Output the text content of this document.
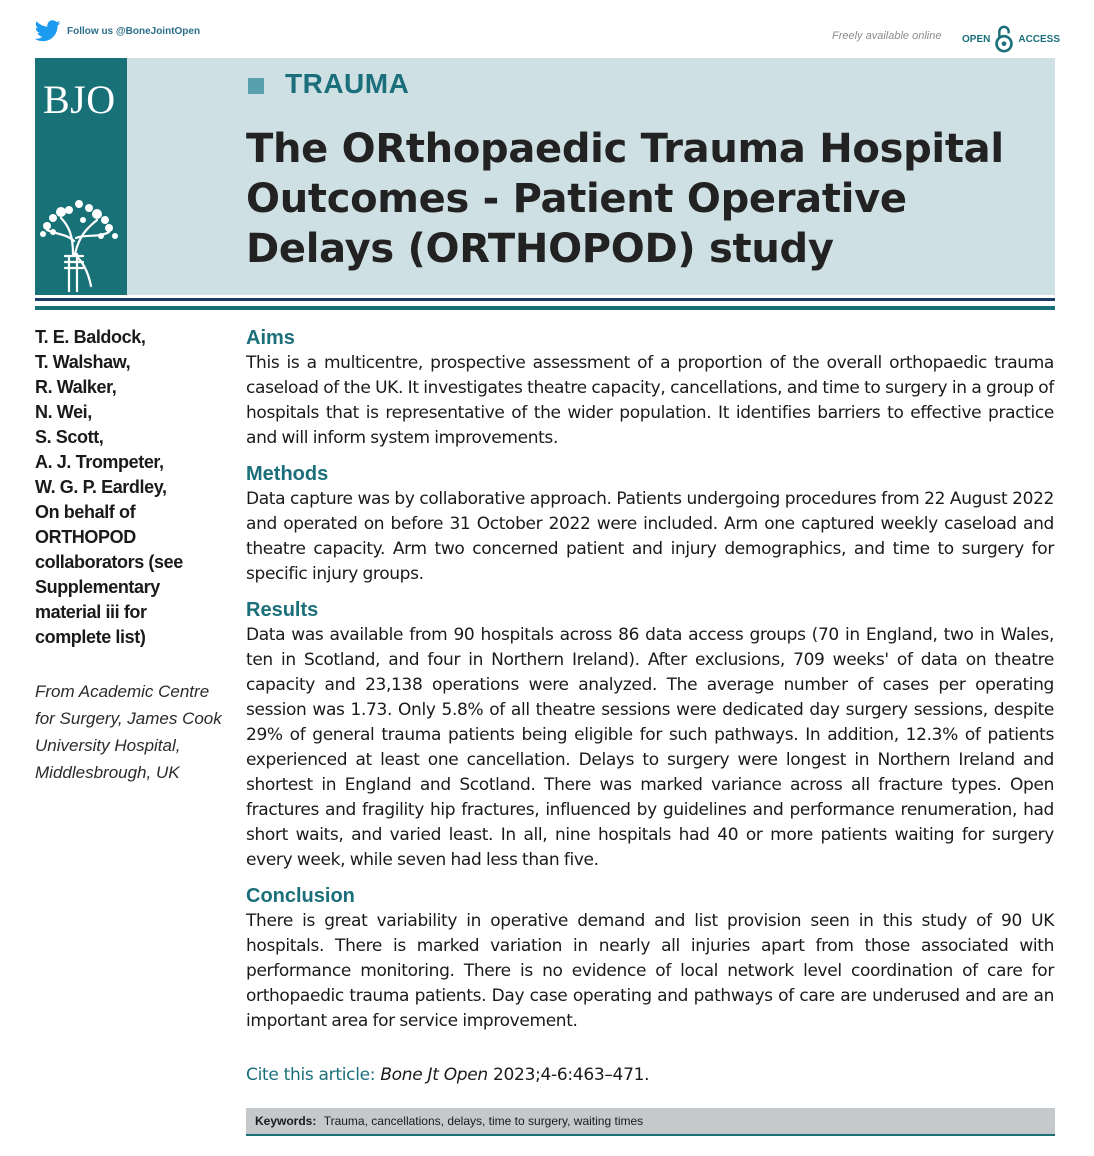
Follow us @BoneJointOpen	Freely available online OPEN	ACCESS
BJO	TRAUMA
The ORthopaedic Trauma Hospital Outcomes - Patient Operative Delays (ORTHOPOD) study
T. E. Baldock,
T. Walshaw,
R. Walker,
N. Wei,
S. Scott,
A. J. Trompeter,
W. G. P. Eardley,
On behalf of
ORTHOPOD
collaborators (see
Supplementary
material iii for
complete list)
From Academic Centre
for Surgery, James Cook
University Hospital,
Middlesbrough, UK
Aims

This is a multicentre, prospective assessment of a proportion of the overall orthopaedic trauma caseload of the UK. It investigates theatre capacity, cancellations, and time to surgery in a group of hospitals that is representative of the wider population. It identifies barriers to effective practice and will inform system improvements.

Methods

Data capture was by collaborative approach. Patients undergoing procedures from 22 August 2022 and operated on before 31 October 2022 were included. Arm one captured weekly caseload and theatre capacity. Arm two concerned patient and injury demographics, and time to surgery for specific injury groups.

Results

Data was available from 90 hospitals across 86 data access groups (70 in England, two in Wales, ten in Scotland, and four in Northern Ireland). After exclusions, 709 weeks' of data on theatre capacity and 23,138 operations were analyzed. The average number of cases per operating session was 1.73. Only 5.8% of all theatre sessions were dedicated day surgery sessions, despite 29% of general trauma patients being eligible for such pathways. In addition, 12.3% of patients experienced at least one cancellation. Delays to surgery were longest in Northern Ireland and shortest in England and Scotland. There was marked variance across all fracture types. Open fractures and fragility hip fractures, influenced by guidelines and performance renumeration, had short waits, and varied least. In all, nine hospitals had 40 or more patients waiting for surgery every week, while seven had less than five.

Conclusion

There is great variability in operative demand and list provision seen in this study of 90 UK hospitals. There is marked variation in nearly all injuries apart from those associated with performance monitoring. There is no evidence of local network level coordination of care for orthopaedic trauma patients. Day case operating and pathways of care are underused and are an important area for service improvement.

Cite this article: Bone Jt Open 2023;4-6:463–471.
Keywords: Trauma, cancellations, delays, time to surgery, waiting times
